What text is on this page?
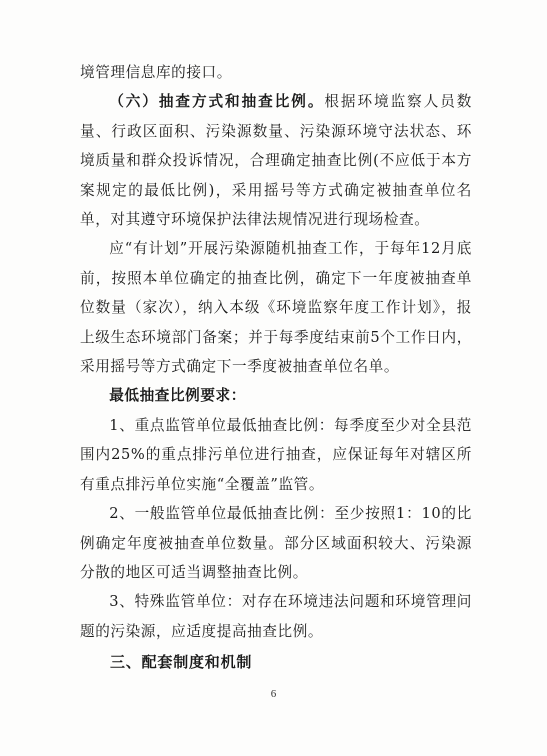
境管理信息库的接口。

（六）抽查方式和抽查比例。根据环境监察人员数量、行政区面积、污染源数量、污染源环境守法状态、环境质量和群众投诉情况，合理确定抽查比例(不应低于本方案规定的最低比例)，采用摇号等方式确定被抽查单位名单，对其遵守环境保护法律法规情况进行现场检查。

应“有计划”开展污染源随机抽查工作，于每年12月底前，按照本单位确定的抽查比例，确定下一年度被抽查单位数量（家次），纳入本级《环境监察年度工作计划》，报上级生态环境部门备案；并于每季度结束前5个工作日内，采用摇号等方式确定下一季度被抽查单位名单。

最低抽查比例要求：

1、重点监管单位最低抽查比例：每季度至少对全县范围内25%的重点排污单位进行抽查，应保证每年对辖区所有重点排污单位实施“全覆盖”监管。

2、一般监管单位最低抽查比例：至少按照1：10的比例确定年度被抽查单位数量。部分区域面积较大、污染源分散的地区可适当调整抽查比例。

3、特殊监管单位：对存在环境违法问题和环境管理问题的污染源，应适度提高抽查比例。

三、配套制度和机制

6
